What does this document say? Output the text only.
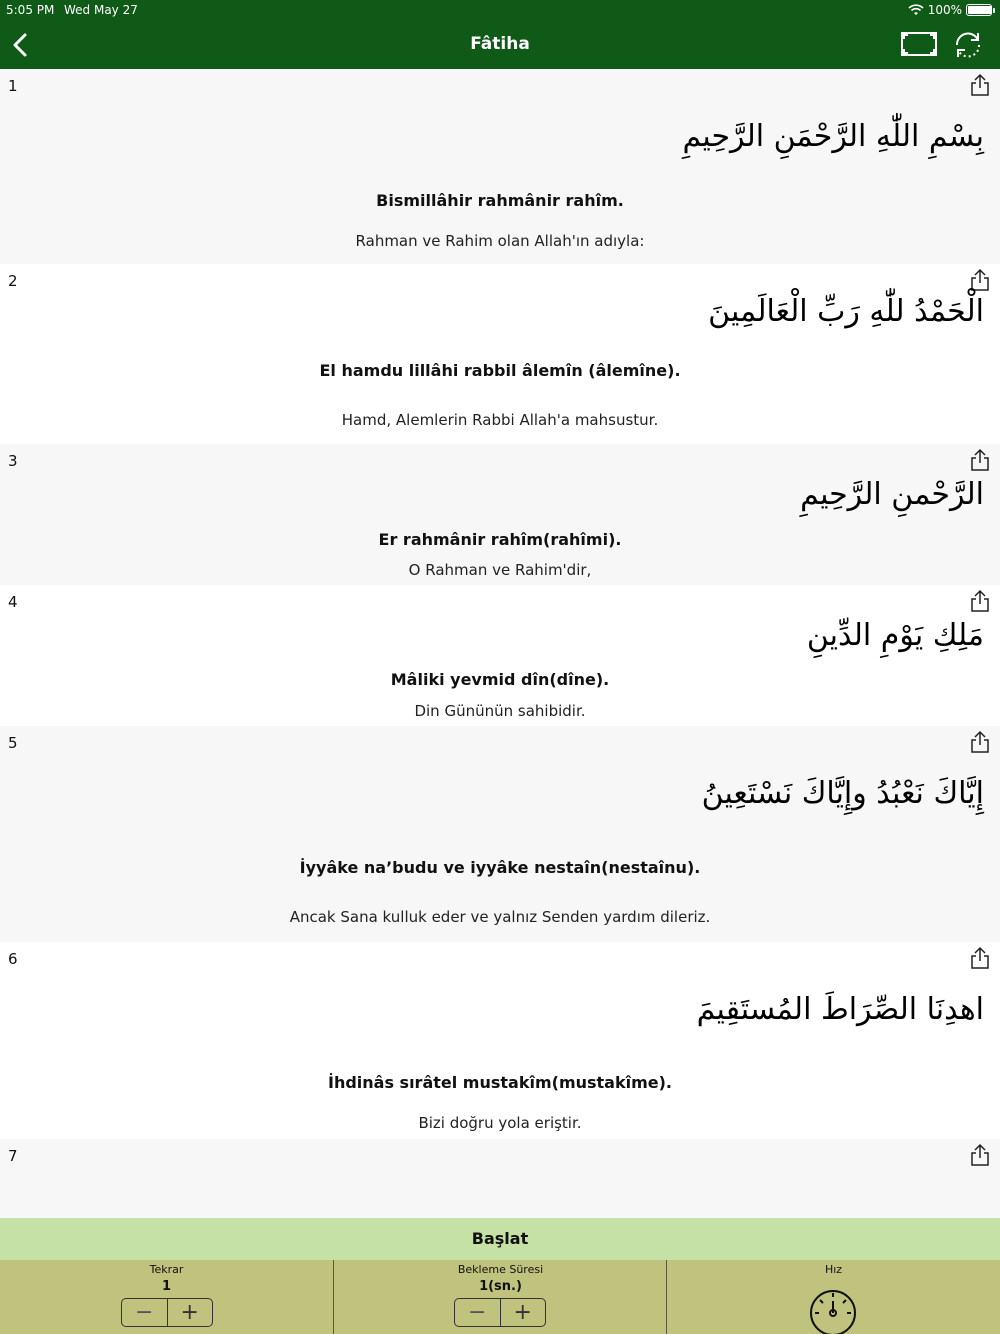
5:05 PM Wed May 27	100%
Fâtiha
1
بِسْمِ اللّٰهِ الرَّحْمَنِ الرَّحِيمِ
Bismillâhir rahmânir rahîm.
Rahman ve Rahim olan Allah'ın adıyla:
2
الْحَمْدُ للّٰهِ رَبِّ الْعَالَمِينَ
El hamdu lillâhi rabbil âlemîn (âlemîne).
Hamd, Alemlerin Rabbi Allah'a mahsustur.
3
الرَّحْمنِ الرَّحِيمِ
Er rahmânir rahîm(rahîmi).
O Rahman ve Rahim'dir,
4
مَلِكِ يَوْمِ الدِّينِ
Mâliki yevmid dîn(dîne).
Din Gününün sahibidir.
5
إِيَّاكَ نَعْبُدُ وإِيَّاكَ نَسْتَعِينُ
İyyâke na’budu ve iyyâke nestaîn(nestaînu).
Ancak Sana kulluk eder ve yalnız Senden yardım dileriz.
6
اهدِنَا الصِّرَاطَ المُستَقِيمَ
İhdinâs sırâtel mustakîm(mustakîme).
Bizi doğru yola eriştir.
7
Başlat
Tekrar
1
−	+
Bekleme Süresi
1(sn.)
−	+
Hız
